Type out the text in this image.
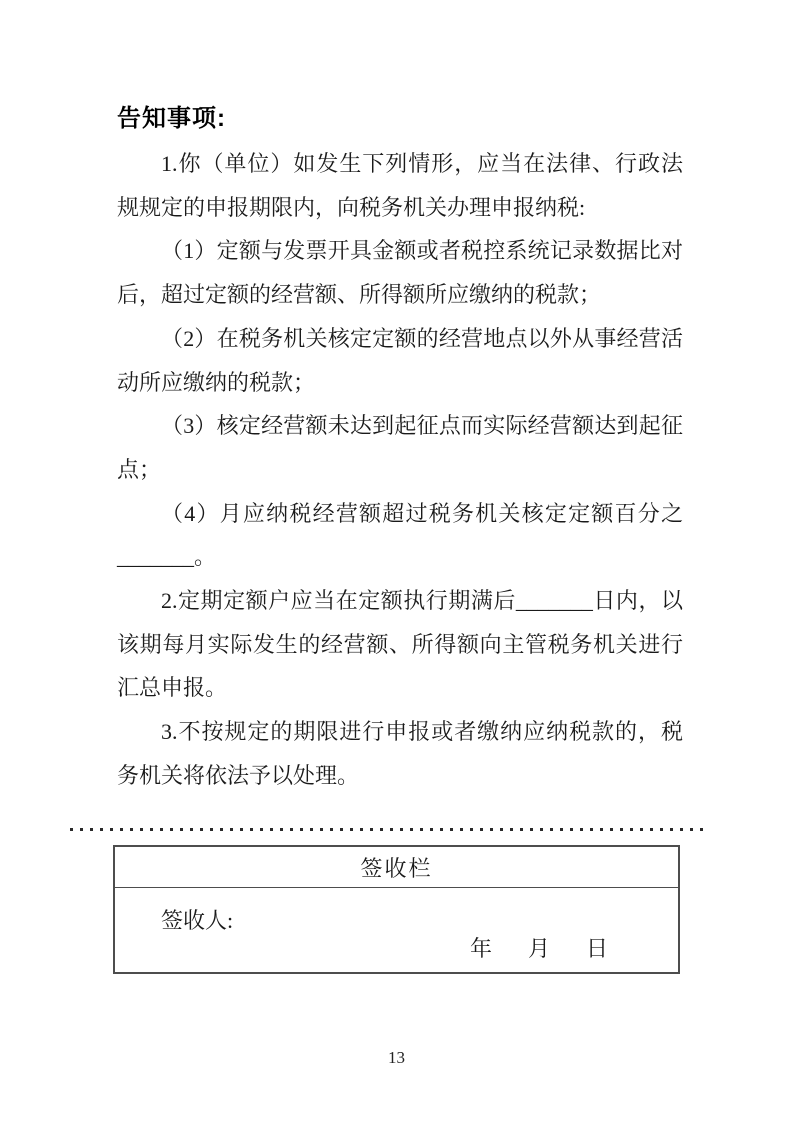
告知事项:

1.你（单位）如发生下列情形，应当在法律、行政法规规定的申报期限内，向税务机关办理申报纳税:

（1）定额与发票开具金额或者税控系统记录数据比对后，超过定额的经营额、所得额所应缴纳的税款；

（2）在税务机关核定定额的经营地点以外从事经营活动所应缴纳的税款；

（3）核定经营额未达到起征点而实际经营额达到起征点；

（4）月应纳税经营额超过税务机关核定定额百分之_______。

2.定期定额户应当在定额执行期满后_______日内，以该期每月实际发生的经营额、所得额向主管税务机关进行汇总申报。

3.不按规定的期限进行申报或者缴纳应纳税款的，税务机关将依法予以处理。

签收栏
签收人:
年 月 日
13
